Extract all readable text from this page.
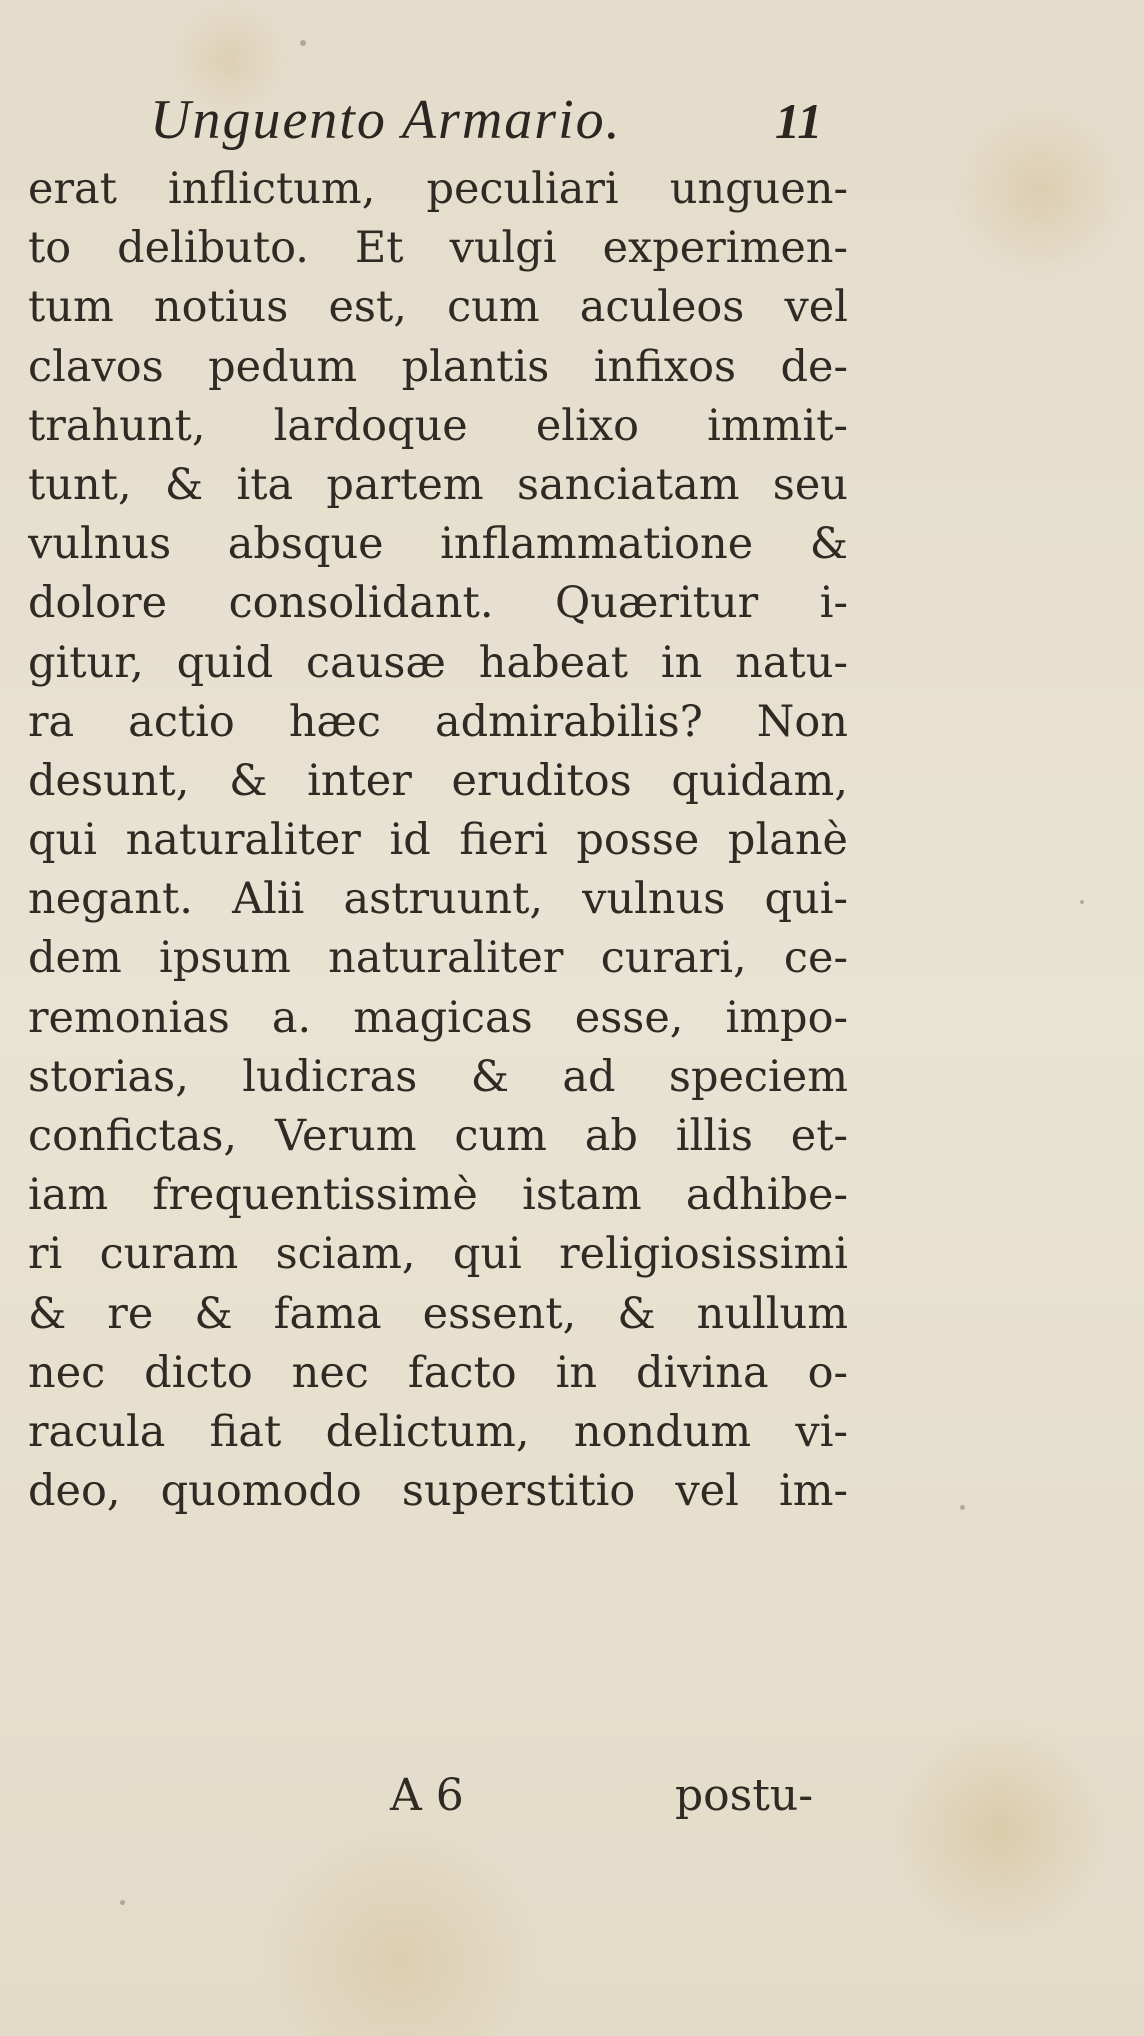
Unguento Armario.	11
erat inflictum, peculiari unguen-
to delibuto. Et vulgi experimen-
tum notius est, cum aculeos vel
clavos pedum plantis infixos de-
trahunt, lardoque elixo immit-
tunt, & ita partem sanciatam seu
vulnus absque inflammatione &
dolore consolidant. Quæritur i-
gitur, quid causæ habeat in natu-
ra actio hæc admirabilis? Non
desunt, & inter eruditos quidam,
qui naturaliter id fieri posse planè
negant. Alii astruunt, vulnus qui-
dem ipsum naturaliter curari, ce-
remonias a. magicas esse, impo-
storias, ludicras & ad speciem
confictas, Verum cum ab illis et-
iam frequentissimè istam adhibe-
ri curam sciam, qui religiosissimi
& re & fama essent, & nullum
nec dicto nec facto in divina o-
racula fiat delictum, nondum vi-
deo, quomodo superstitio vel im-
A 6	postu-
